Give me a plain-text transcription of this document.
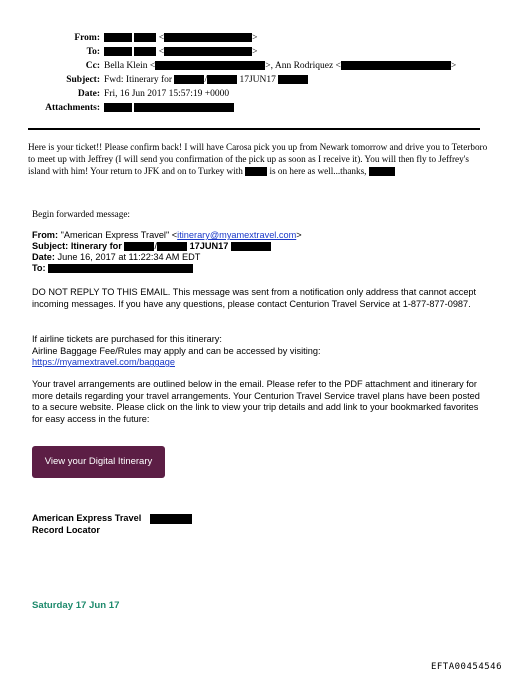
From:	<	>
To:	<	>
Cc: Bella Klein <	>, Ann Rodriquez <	>
Subject: Fwd: Itinerary for	/	17JUN17
Date: Fri, 16 Jun 2017 15:57:19 +0000
Attachments:

Here is your ticket!! Please confirm back! I will have Carosa pick you up from Newark tomorrow and drive you to Teterboro to meet up with Jeffrey (I will send you confirmation of the pick up as soon as I receive it). You will then fly to Jeffrey's island with him! Your return to JFK and on to Turkey with	is on here as well...thanks,
Begin forwarded message:
From: "American Express Travel" <itinerary@myamextravel.com>
Subject: Itinerary for	/	17JUN17
Date: June 16, 2017 at 11:22:34 AM EDT
To:
DO NOT REPLY TO THIS EMAIL. This message was sent from a notification only address that cannot accept incoming messages. If you have any questions, please contact Centurion Travel Service at 1-877-877-0987.
If airline tickets are purchased for this itinerary:
Airline Baggage Fee/Rules may apply and can be accessed by visiting:
https://myamextravel.com/baggage
Your travel arrangements are outlined below in the email. Please refer to the PDF attachment and itinerary for more details regarding your travel arrangements. Your Centurion Travel Service travel plans have been posted to a secure website. Please click on the link to view your trip details and add link to your bookmarked favorites for easy access in the future:
View your Digital Itinerary
American Express Travel
Record Locator
Saturday 17 Jun 17
EFTA00454546
